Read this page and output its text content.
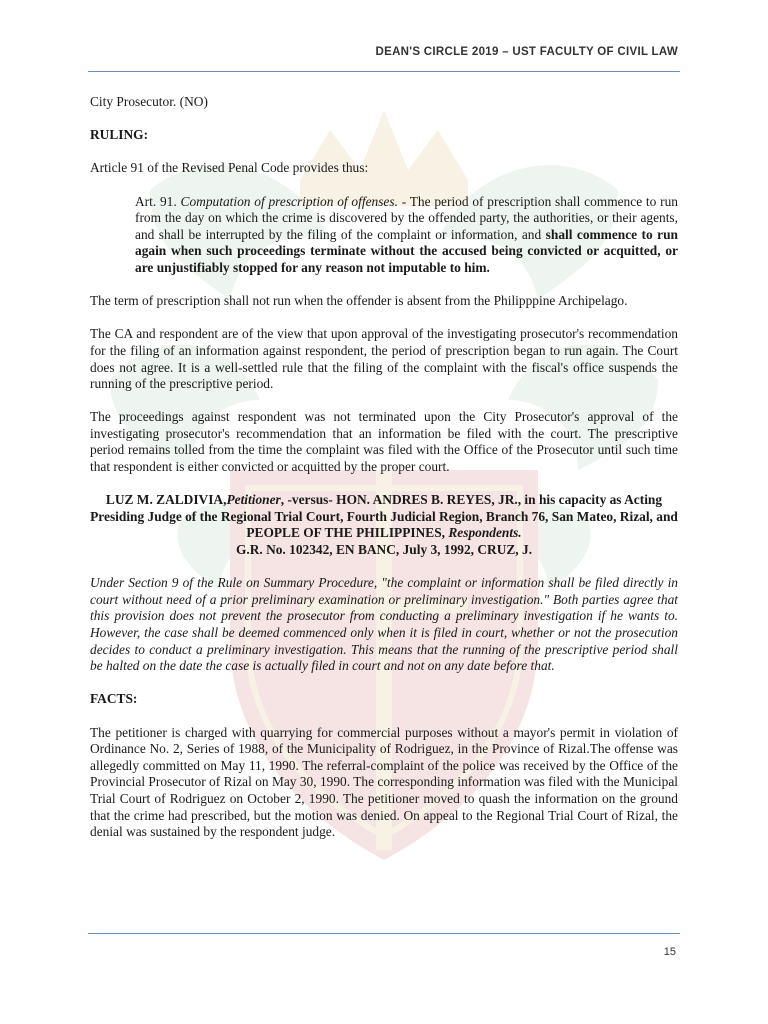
DEAN'S CIRCLE 2019 – UST FACULTY OF CIVIL LAW

City Prosecutor. (NO)

RULING:

Article 91 of the Revised Penal Code provides thus:

Art. 91. Computation of prescription of offenses. - The period of prescription shall commence to run from the day on which the crime is discovered by the offended party, the authorities, or their agents, and shall be interrupted by the filing of the complaint or information, and shall commence to run again when such proceedings terminate without the accused being convicted or acquitted, or are unjustifiably stopped for any reason not imputable to him.

The term of prescription shall not run when the offender is absent from the Philipppine Archipelago.

The CA and respondent are of the view that upon approval of the investigating prosecutor's recommendation for the filing of an information against respondent, the period of prescription began to run again. The Court does not agree. It is a well-settled rule that the filing of the complaint with the fiscal's office suspends the running of the prescriptive period.

The proceedings against respondent was not terminated upon the City Prosecutor's approval of the investigating prosecutor's recommendation that an information be filed with the court. The prescriptive period remains tolled from the time the complaint was filed with the Office of the Prosecutor until such time that respondent is either convicted or acquitted by the proper court.

LUZ M. ZALDIVIA,Petitioner, -versus- HON. ANDRES B. REYES, JR., in his capacity as Acting Presiding Judge of the Regional Trial Court, Fourth Judicial Region, Branch 76, San Mateo, Rizal, and PEOPLE OF THE PHILIPPINES, Respondents.
G.R. No. 102342, EN BANC, July 3, 1992, CRUZ, J.

Under Section 9 of the Rule on Summary Procedure, "the complaint or information shall be filed directly in court without need of a prior preliminary examination or preliminary investigation." Both parties agree that this provision does not prevent the prosecutor from conducting a preliminary investigation if he wants to. However, the case shall be deemed commenced only when it is filed in court, whether or not the prosecution decides to conduct a preliminary investigation. This means that the running of the prescriptive period shall be halted on the date the case is actually filed in court and not on any date before that.

FACTS:

The petitioner is charged with quarrying for commercial purposes without a mayor's permit in violation of Ordinance No. 2, Series of 1988, of the Municipality of Rodriguez, in the Province of Rizal.The offense was allegedly committed on May 11, 1990. The referral-complaint of the police was received by the Office of the Provincial Prosecutor of Rizal on May 30, 1990. The corresponding information was filed with the Municipal Trial Court of Rodriguez on October 2, 1990. The petitioner moved to quash the information on the ground that the crime had prescribed, but the motion was denied. On appeal to the Regional Trial Court of Rizal, the denial was sustained by the respondent judge.

15
